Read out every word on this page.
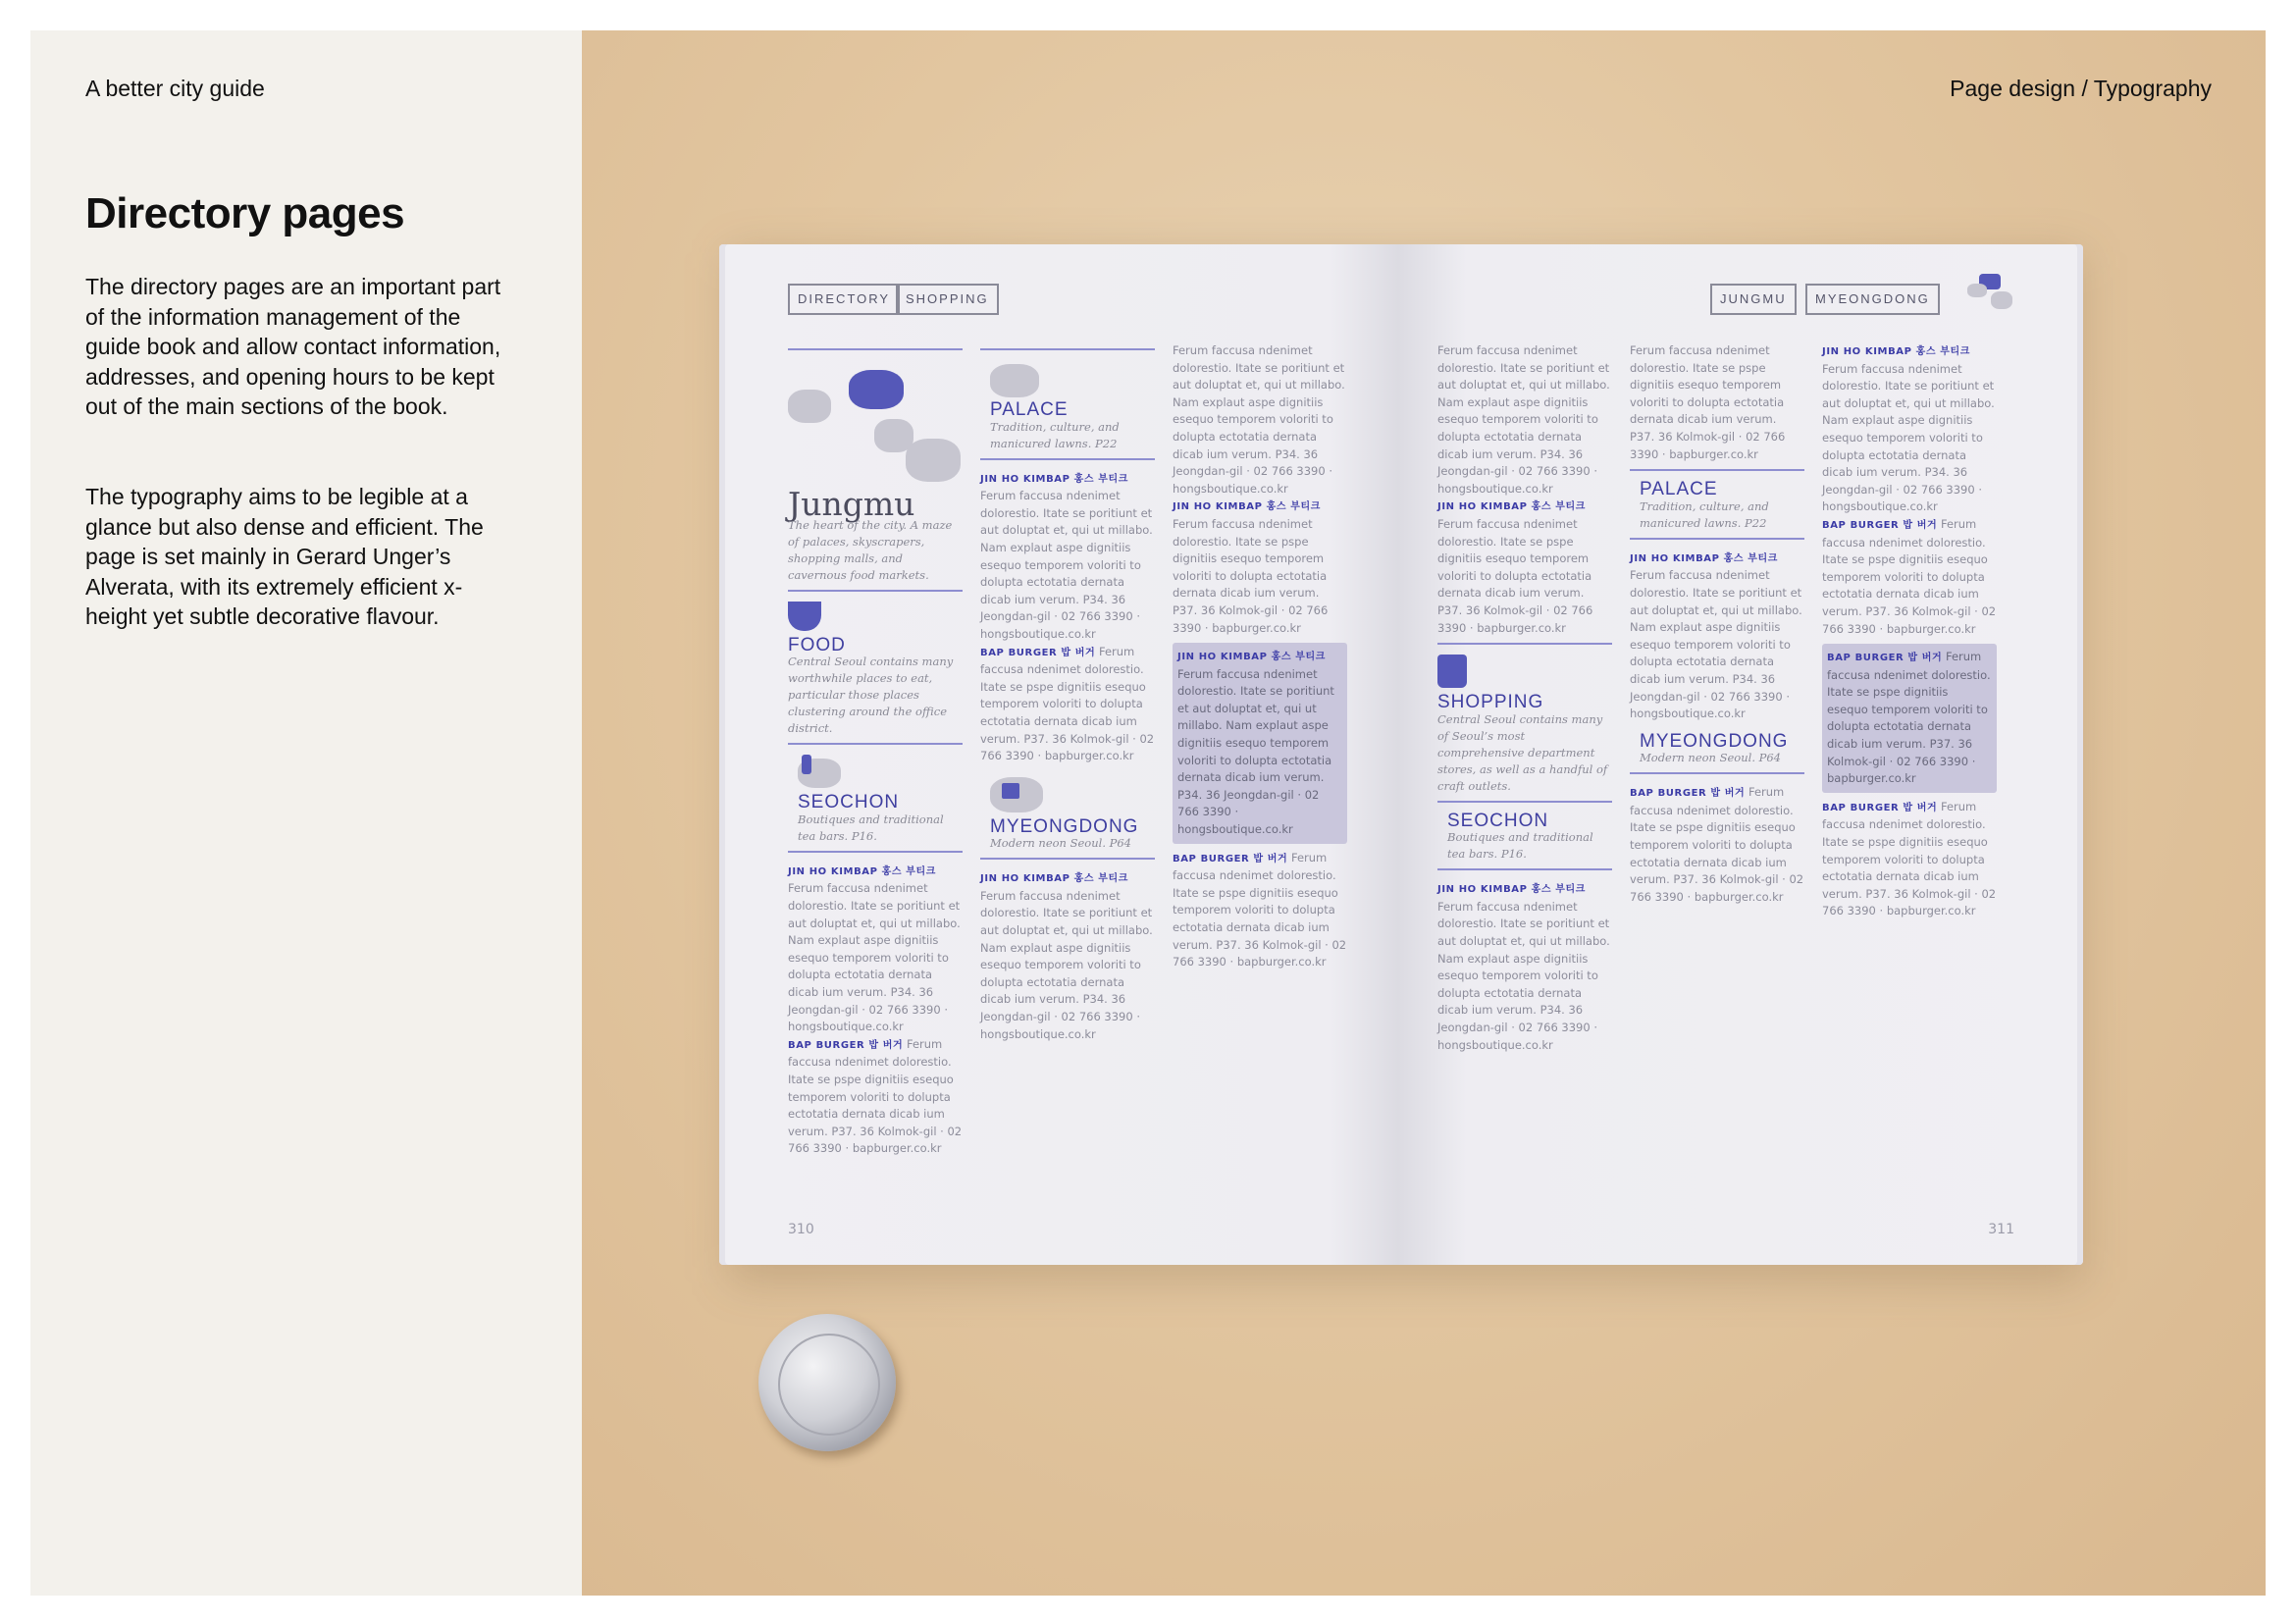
A better city guide
Directory pages
The directory pages are an important part of the information management of the guide book and allow contact information, addresses, and opening hours to be kept out of the main sections of the book.
The typography aims to be legible at a glance but also dense and efficient. The page is set mainly in Gerard Unger’s Alverata, with its extremely efficient x-height yet subtle decorative flavour.
Page design / Typography
DIRECTORY	SHOPPING
Jungmu
The heart of the city. A maze of palaces, skyscrapers, shopping malls, and cavernous food markets.
FOOD
Central Seoul contains many worthwhile places to eat, particular those places clustering around the office district.
SEOCHON
Boutiques and traditional tea bars. P16.
JIN HO KIMBAP 홍스 부티크 Ferum faccusa ndenimet dolorestio. Itate se poritiunt et aut doluptat et, qui ut millabo. Nam explaut aspe dignitiis esequo temporem voloriti to dolupta ectotatia dernata dicab ium verum. P34. 36 Jeongdan-gil · 02 766 3390 · hongsboutique.co.kr
BAP BURGER 밥 버거 Ferum faccusa ndenimet dolorestio. Itate se pspe dignitiis esequo temporem voloriti to dolupta ectotatia dernata dicab ium verum. P37. 36 Kolmok-gil · 02 766 3390 · bapburger.co.kr
PALACE
Tradition, culture, and manicured lawns. P22
JIN HO KIMBAP 홍스 부티크 Ferum faccusa ndenimet dolorestio. Itate se poritiunt et aut doluptat et, qui ut millabo. Nam explaut aspe dignitiis esequo temporem voloriti to dolupta ectotatia dernata dicab ium verum. P34. 36 Jeongdan-gil · 02 766 3390 · hongsboutique.co.kr
BAP BURGER 밥 버거 Ferum faccusa ndenimet dolorestio. Itate se pspe dignitiis esequo temporem voloriti to dolupta ectotatia dernata dicab ium verum. P37. 36 Kolmok-gil · 02 766 3390 · bapburger.co.kr
MYEONGDONG
Modern neon Seoul. P64
JIN HO KIMBAP 홍스 부티크 Ferum faccusa ndenimet dolorestio. Itate se poritiunt et aut doluptat et, qui ut millabo. Nam explaut aspe dignitiis esequo temporem voloriti to dolupta ectotatia dernata dicab ium verum. P34. 36 Jeongdan-gil · 02 766 3390 · hongsboutique.co.kr
Ferum faccusa ndenimet dolorestio. Itate se poritiunt et aut doluptat et, qui ut millabo. Nam explaut aspe dignitiis esequo temporem voloriti to dolupta ectotatia dernata dicab ium verum. P34. 36 Jeongdan-gil · 02 766 3390 · hongsboutique.co.kr
JIN HO KIMBAP 홍스 부티크 Ferum faccusa ndenimet dolorestio. Itate se pspe dignitiis esequo temporem voloriti to dolupta ectotatia dernata dicab ium verum. P37. 36 Kolmok-gil · 02 766 3390 · bapburger.co.kr
JIN HO KIMBAP 홍스 부티크 Ferum faccusa ndenimet dolorestio. Itate se poritiunt et aut doluptat et, qui ut millabo. Nam explaut aspe dignitiis esequo temporem voloriti to dolupta ectotatia dernata dicab ium verum. P34. 36 Jeongdan-gil · 02 766 3390 · hongsboutique.co.kr
BAP BURGER 밥 버거 Ferum faccusa ndenimet dolorestio. Itate se pspe dignitiis esequo temporem voloriti to dolupta ectotatia dernata dicab ium verum. P37. 36 Kolmok-gil · 02 766 3390 · bapburger.co.kr
310
JUNGMU	MYEONGDONG
Ferum faccusa ndenimet dolorestio. Itate se poritiunt et aut doluptat et, qui ut millabo. Nam explaut aspe dignitiis esequo temporem voloriti to dolupta ectotatia dernata dicab ium verum. P34. 36 Jeongdan-gil · 02 766 3390 · hongsboutique.co.kr
JIN HO KIMBAP 홍스 부티크 Ferum faccusa ndenimet dolorestio. Itate se pspe dignitiis esequo temporem voloriti to dolupta ectotatia dernata dicab ium verum. P37. 36 Kolmok-gil · 02 766 3390 · bapburger.co.kr
SHOPPING
Central Seoul contains many of Seoul’s most comprehensive department stores, as well as a handful of craft outlets.
SEOCHON
Boutiques and traditional tea bars. P16.
JIN HO KIMBAP 홍스 부티크 Ferum faccusa ndenimet dolorestio. Itate se poritiunt et aut doluptat et, qui ut millabo. Nam explaut aspe dignitiis esequo temporem voloriti to dolupta ectotatia dernata dicab ium verum. P34. 36 Jeongdan-gil · 02 766 3390 · hongsboutique.co.kr
Ferum faccusa ndenimet dolorestio. Itate se pspe dignitiis esequo temporem voloriti to dolupta ectotatia dernata dicab ium verum. P37. 36 Kolmok-gil · 02 766 3390 · bapburger.co.kr
PALACE
Tradition, culture, and manicured lawns. P22
JIN HO KIMBAP 홍스 부티크 Ferum faccusa ndenimet dolorestio. Itate se poritiunt et aut doluptat et, qui ut millabo. Nam explaut aspe dignitiis esequo temporem voloriti to dolupta ectotatia dernata dicab ium verum. P34. 36 Jeongdan-gil · 02 766 3390 · hongsboutique.co.kr
MYEONGDONG
Modern neon Seoul. P64
BAP BURGER 밥 버거 Ferum faccusa ndenimet dolorestio. Itate se pspe dignitiis esequo temporem voloriti to dolupta ectotatia dernata dicab ium verum. P37. 36 Kolmok-gil · 02 766 3390 · bapburger.co.kr
JIN HO KIMBAP 홍스 부티크 Ferum faccusa ndenimet dolorestio. Itate se poritiunt et aut doluptat et, qui ut millabo. Nam explaut aspe dignitiis esequo temporem voloriti to dolupta ectotatia dernata dicab ium verum. P34. 36 Jeongdan-gil · 02 766 3390 · hongsboutique.co.kr
BAP BURGER 밥 버거 Ferum faccusa ndenimet dolorestio. Itate se pspe dignitiis esequo temporem voloriti to dolupta ectotatia dernata dicab ium verum. P37. 36 Kolmok-gil · 02 766 3390 · bapburger.co.kr
BAP BURGER 밥 버거 Ferum faccusa ndenimet dolorestio. Itate se pspe dignitiis esequo temporem voloriti to dolupta ectotatia dernata dicab ium verum. P37. 36 Kolmok-gil · 02 766 3390 · bapburger.co.kr
BAP BURGER 밥 버거 Ferum faccusa ndenimet dolorestio. Itate se pspe dignitiis esequo temporem voloriti to dolupta ectotatia dernata dicab ium verum. P37. 36 Kolmok-gil · 02 766 3390 · bapburger.co.kr
311
